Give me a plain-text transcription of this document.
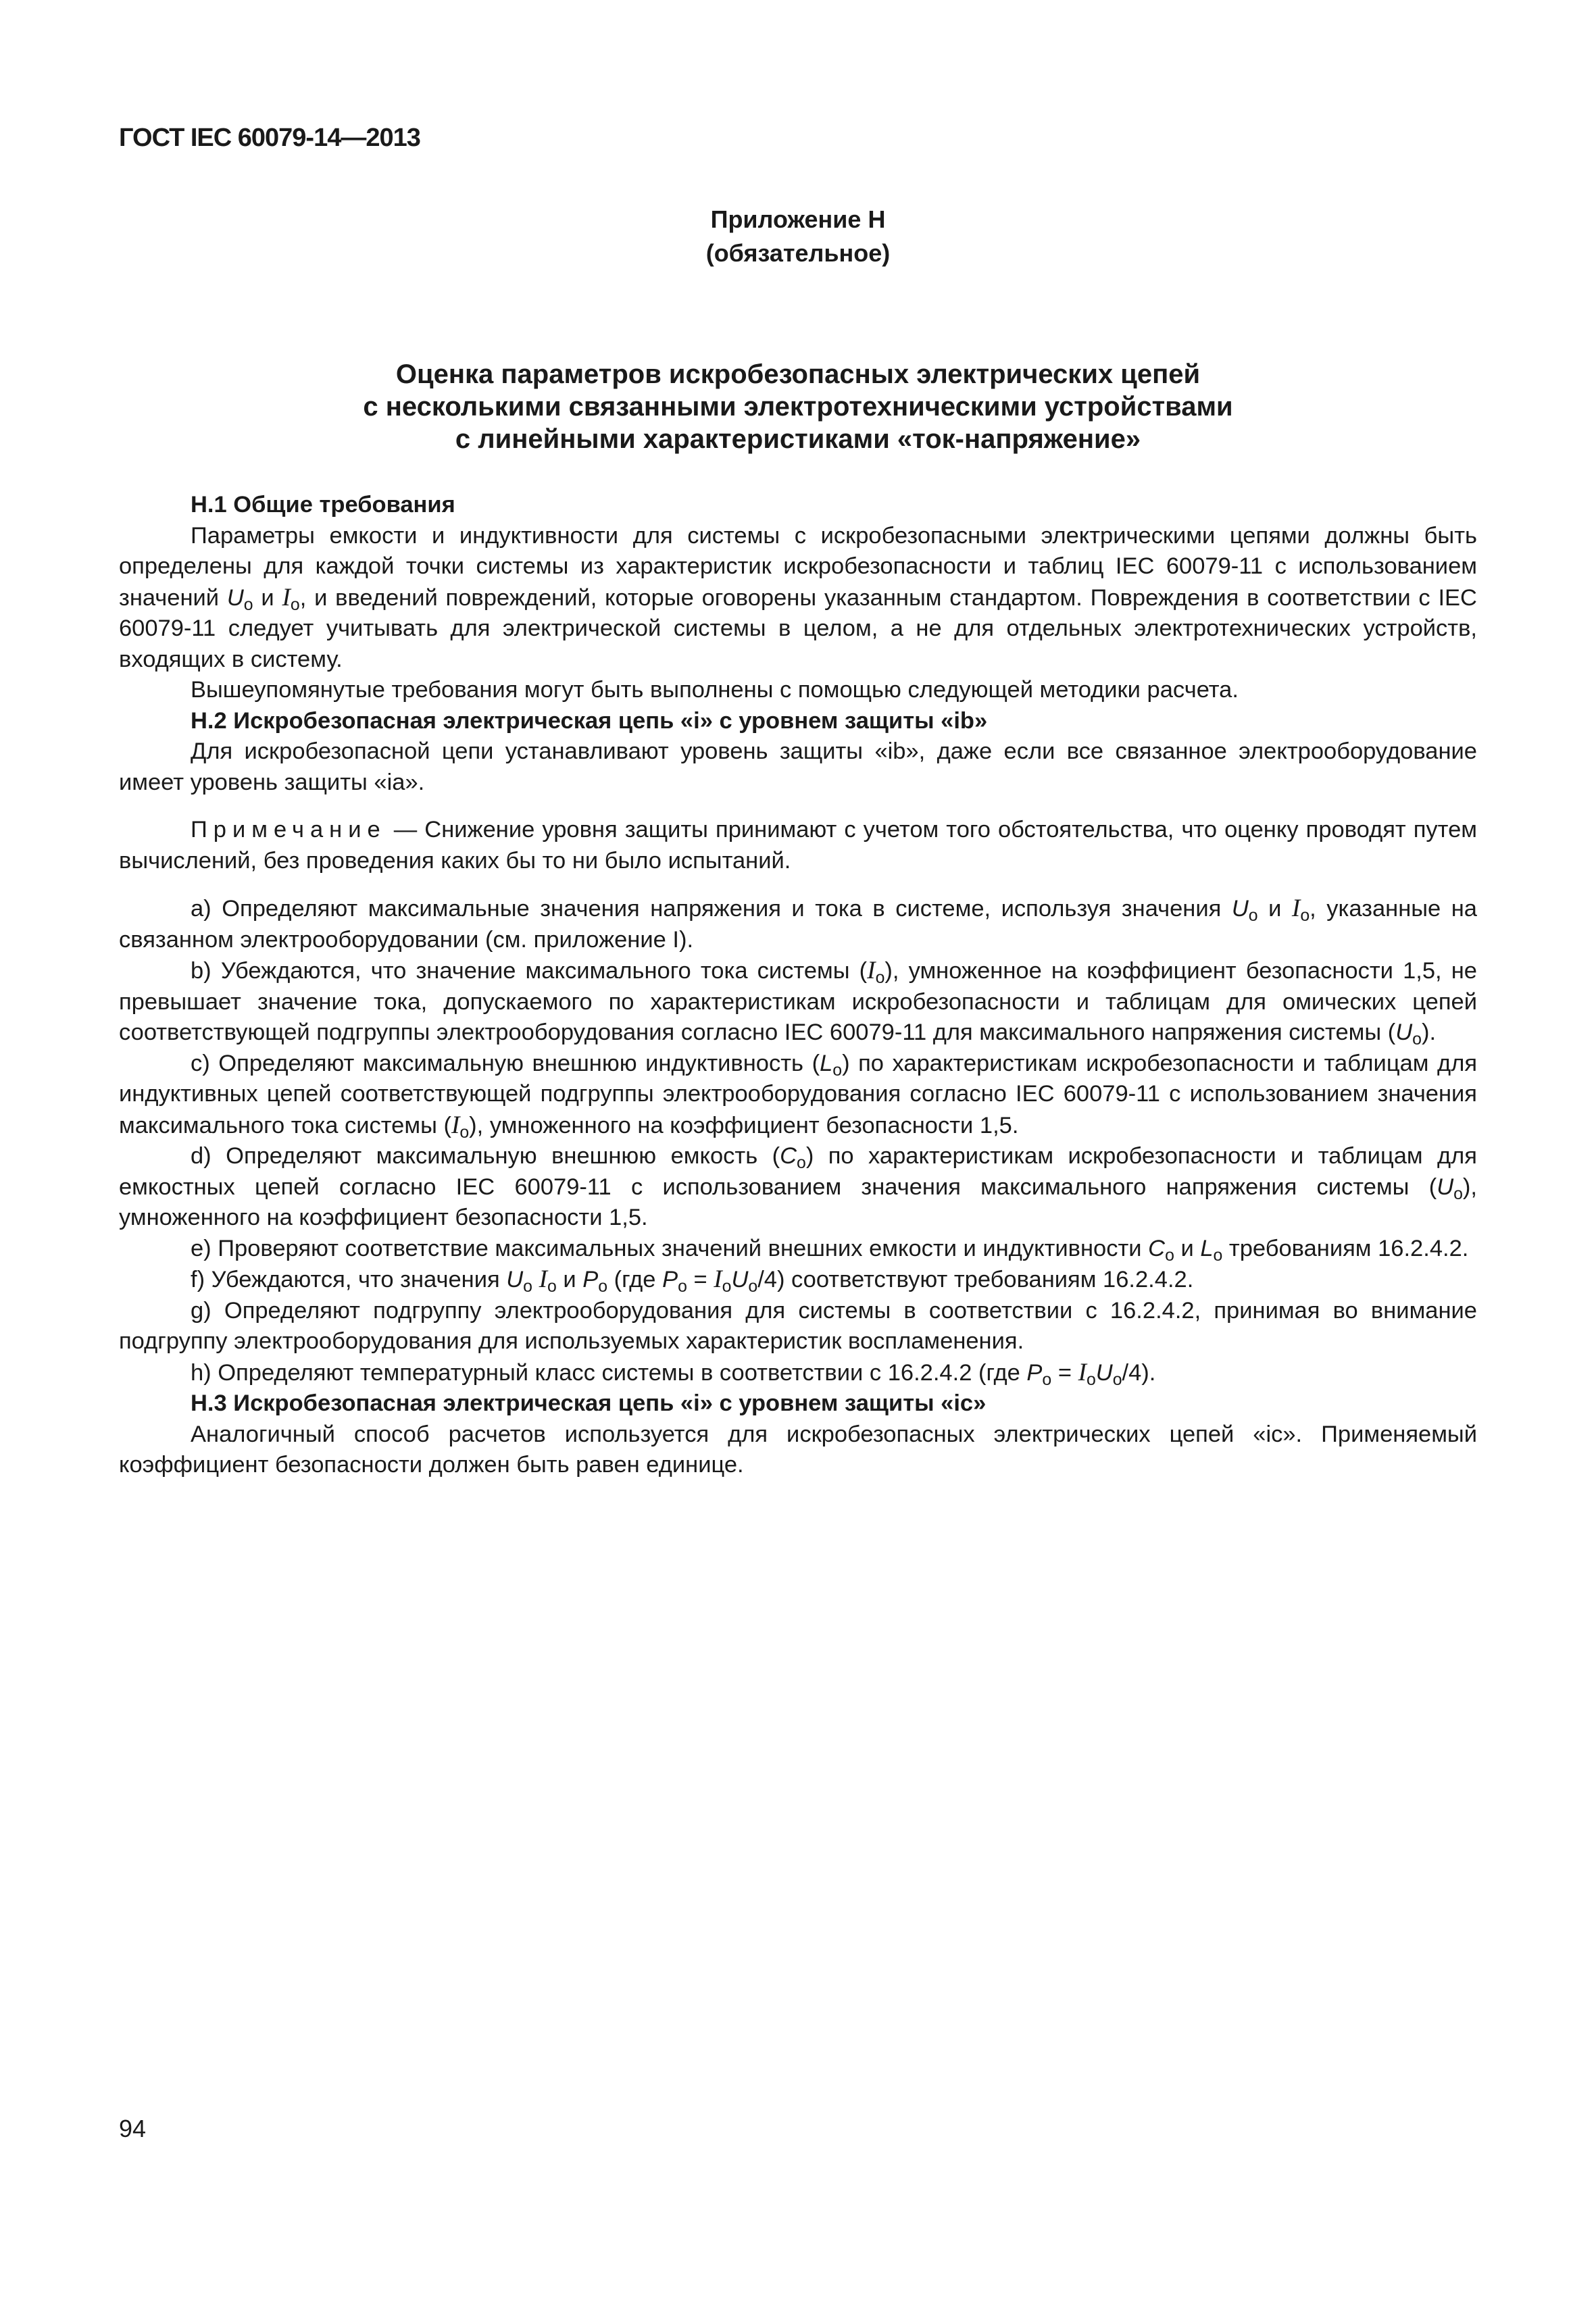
ГОСТ IEC 60079-14—2013
Приложение Н
(обязательное)
Оценка параметров искробезопасных электрических цепей
с несколькими связанными электротехническими устройствами
с линейными характеристиками «ток-напряжение»

Н.1 Общие требования

Параметры емкости и индуктивности для системы с искробезопасными электрическими цепями должны быть определены для каждой точки системы из характеристик искробезопасности и таблиц IEC 60079-11 с использованием значений $U_o$ и $I_o$, и введений повреждений, которые оговорены указанным стандартом. Повреждения в соответствии с IEC 60079-11 следует учитывать для электрической системы в целом, а не для отдельных электротехнических устройств, входящих в систему.

Вышеупомянутые требования могут быть выполнены с помощью следующей методики расчета.

Н.2 Искробезопасная электрическая цепь «i» с уровнем защиты «ib»

Для искробезопасной цепи устанавливают уровень защиты «ib», даже если все связанное электрооборудование имеет уровень защиты «ia».

Примечание — Снижение уровня защиты принимают с учетом того обстоятельства, что оценку проводят путем вычислений, без проведения каких бы то ни было испытаний.

а) Определяют максимальные значения напряжения и тока в системе, используя значения $U_o$ и $I_o$, указанные на связанном электрооборудовании (см. приложение I).

b) Убеждаются, что значение максимального тока системы $(I_o)$, умноженное на коэффициент безопасности 1,5, не превышает значение тока, допускаемого по характеристикам искробезопасности и таблицам для омических цепей соответствующей подгруппы электрооборудования согласно IEC 60079-11 для максимального напряжения системы $(U_o)$.

с) Определяют максимальную внешнюю индуктивность $(L_o)$ по характеристикам искробезопасности и таблицам для индуктивных цепей соответствующей подгруппы электрооборудования согласно IEC 60079-11 с использованием значения максимального тока системы $(I_o)$, умноженного на коэффициент безопасности 1,5.

d) Определяют максимальную внешнюю емкость $(C_o)$ по характеристикам искробезопасности и таблицам для емкостных цепей согласно IEC 60079-11 с использованием значения максимального напряжения системы $(U_o)$, умноженного на коэффициент безопасности 1,5.

е) Проверяют соответствие максимальных значений внешних емкости и индуктивности $C_o$ и $L_o$ требованиям 16.2.4.2.

f) Убеждаются, что значения $U_o$ $I_o$ и $P_o$ (где $P_o = I_oU_o/4$) соответствуют требованиям 16.2.4.2.

g) Определяют подгруппу электрооборудования для системы в соответствии с 16.2.4.2, принимая во внимание подгруппу электрооборудования для используемых характеристик воспламенения.

h) Определяют температурный класс системы в соответствии с 16.2.4.2 (где $P_o = I_oU_o/4$).

Н.3 Искробезопасная электрическая цепь «i» с уровнем защиты «ic»

Аналогичный способ расчетов используется для искробезопасных электрических цепей «ic». Применяемый коэффициент безопасности должен быть равен единице.

94
